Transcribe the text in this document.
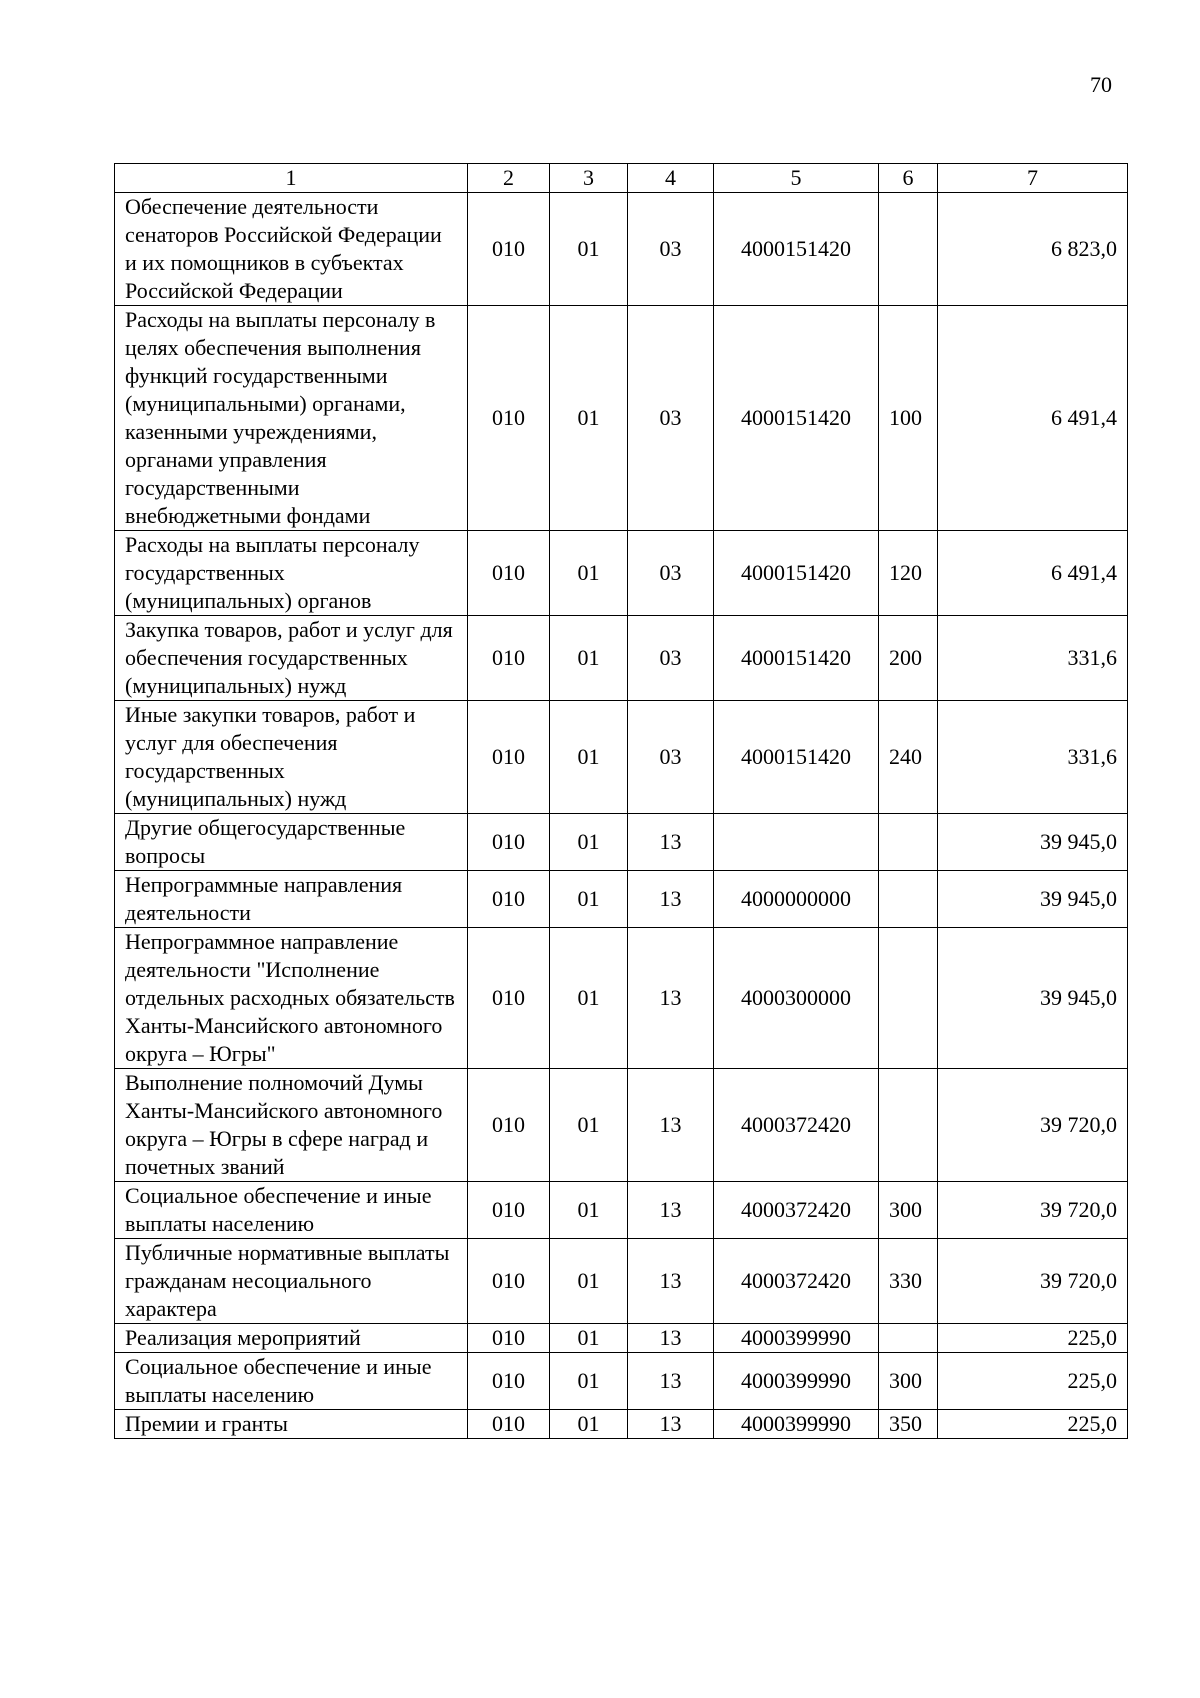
70
1	2	3	4	5	6	7
Обеспечение деятельности сенаторов Российской Федерации и их помощников в субъектах Российской Федерации	010	01	03	4000151420		6 823,0
Расходы на выплаты персоналу в целях обеспечения выполнения функций государственными (муниципальными) органами, казенными учреждениями, органами управления государственными внебюджетными фондами	010	01	03	4000151420	100	6 491,4
Расходы на выплаты персоналу государственных (муниципальных) органов	010	01	03	4000151420	120	6 491,4
Закупка товаров, работ и услуг для обеспечения государственных (муниципальных) нужд	010	01	03	4000151420	200	331,6
Иные закупки товаров, работ и услуг для обеспечения государственных (муниципальных) нужд	010	01	03	4000151420	240	331,6
Другие общегосударственные вопросы	010	01	13			39 945,0
Непрограммные направления деятельности	010	01	13	4000000000		39 945,0
Непрограммное направление деятельности "Исполнение отдельных расходных обязательств Ханты-Мансийского автономного округа – Югры"	010	01	13	4000300000		39 945,0
Выполнение полномочий Думы Ханты-Мансийского автономного округа – Югры в сфере наград и почетных званий	010	01	13	4000372420		39 720,0
Социальное обеспечение и иные выплаты населению	010	01	13	4000372420	300	39 720,0
Публичные нормативные выплаты гражданам несоциального характера	010	01	13	4000372420	330	39 720,0
Реализация мероприятий	010	01	13	4000399990		225,0
Социальное обеспечение и иные выплаты населению	010	01	13	4000399990	300	225,0
Премии и гранты	010	01	13	4000399990	350	225,0
